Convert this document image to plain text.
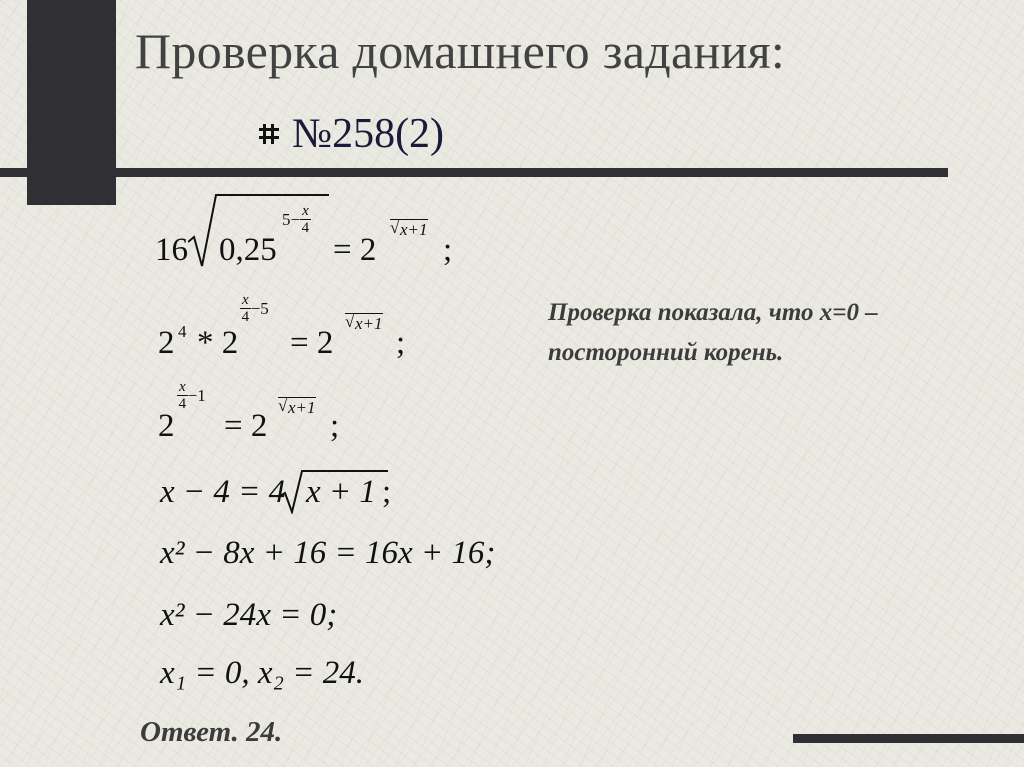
Проверка домашнего задания:
№258(2)
16 0,25
$5- \frac{x}{4}$
= 2
√ x+1
;
2 4 * 2
$\frac{x}{4} -5$
= 2
√ x+1
;
2
$\frac{x}{4} -1$
= 2
√ x+1
;
x − 4 = 4 x + 1 ;
x² − 8x + 16 = 16x + 16;
x² − 24x = 0;
x₁ = 0, x₂ = 24.
Проверка показала, что х=0 – посторонний корень.
Ответ. 24.
